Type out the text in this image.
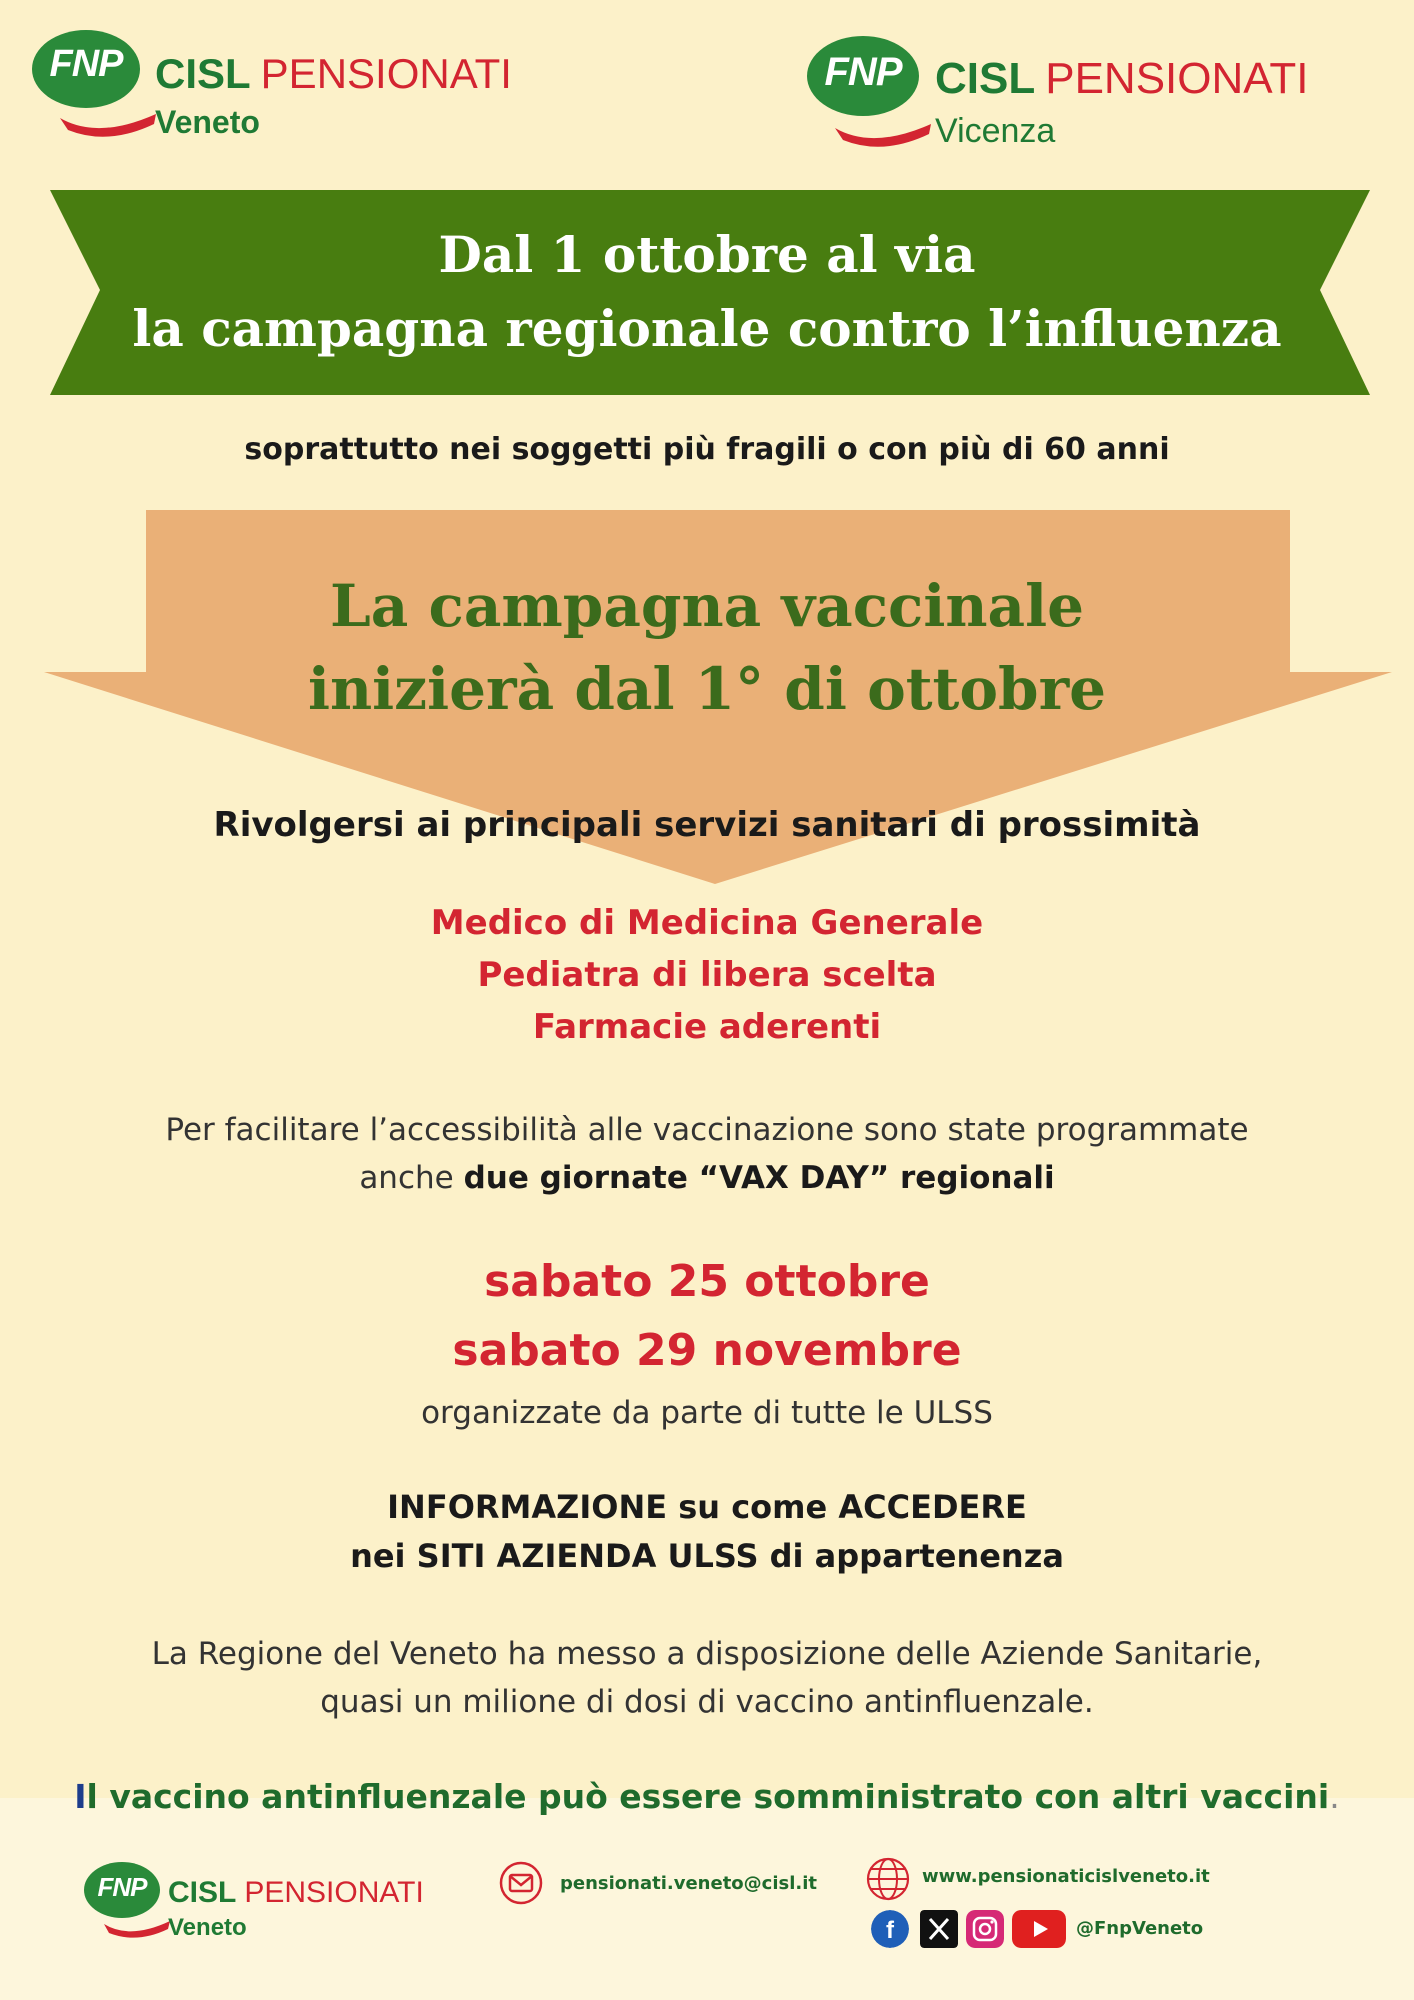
FNP CISL PENSIONATI
Veneto
FNP CISL PENSIONATI
Vicenza
Dal 1 ottobre al via
la campagna regionale contro l’influenza
soprattutto nei soggetti più fragili o con più di 60 anni
La campagna vaccinale
inizierà dal 1° di ottobre
Rivolgersi ai principali servizi sanitari di prossimità
Medico di Medicina Generale
Pediatra di libera scelta
Farmacie aderenti
Per facilitare l’accessibilità alle vaccinazione sono state programmate
anche due giornate “VAX DAY” regionali
sabato 25 ottobre
sabato 29 novembre
organizzate da parte di tutte le ULSS
INFORMAZIONE su come ACCEDERE
nei SITI AZIENDA ULSS di appartenenza
La Regione del Veneto ha messo a disposizione delle Aziende Sanitarie,
quasi un milione di dosi di vaccino antinfluenzale.
Il vaccino antinfluenzale può essere somministrato con altri vaccini.
FNP CISL PENSIONATI
Veneto
pensionati.veneto@cisl.it	www.pensionaticislveneto.it
f	@FnpVeneto
